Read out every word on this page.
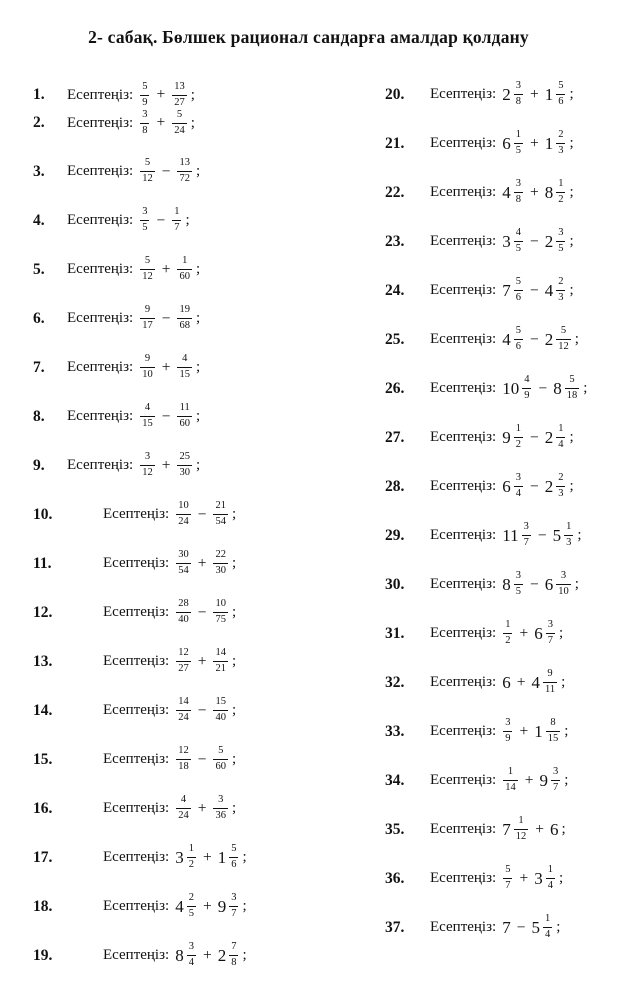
2- сабақ. Бөлшек рационал сандарға амалдар қолдану
1.	Есептеңіз: $\frac{5}{9} + \frac{13}{27}$ ;
2.	Есептеңіз: $\frac{3}{8} + \frac{5}{24}$ ;
3.	Есептеңіз: $\frac{5}{12} - \frac{13}{72}$ ;
4.	Есептеңіз: $\frac{3}{5} - \frac{1}{7}$ ;
5.	Есептеңіз: $\frac{5}{12} + \frac{1}{60}$ ;
6.	Есептеңіз: $\frac{9}{17} - \frac{19}{68}$ ;
7.	Есептеңіз: $\frac{9}{10} + \frac{4}{15}$ ;
8.	Есептеңіз: $\frac{4}{15} - \frac{11}{60}$ ;
9.	Есептеңіз: $\frac{3}{12} + \frac{25}{30}$ ;
10.	Есептеңіз: $\frac{10}{24} - \frac{21}{54}$ ;
11.	Есептеңіз: $\frac{30}{54} + \frac{22}{30}$ ;
12.	Есептеңіз: $\frac{28}{40} - \frac{10}{75}$ ;
13.	Есептеңіз: $\frac{12}{27} + \frac{14}{21}$ ;
14.	Есептеңіз: $\frac{14}{24} - \frac{15}{40}$ ;
15.	Есептеңіз: $\frac{12}{18} - \frac{5}{60}$ ;
16.	Есептеңіз: $\frac{4}{24} + \frac{3}{36}$ ;
17.	Есептеңіз: $3 \frac{1}{2} + 1 \frac{5}{6}$ ;
18.	Есептеңіз: $4 \frac{2}{5} + 9 \frac{3}{7}$ ;
19.	Есептеңіз: $8 \frac{3}{4} + 2 \frac{7}{8}$ ;
20.	Есептеңіз: $2 \frac{3}{8} + 1 \frac{5}{6}$ ;
21.	Есептеңіз: $6 \frac{1}{5} + 1 \frac{2}{3}$ ;
22.	Есептеңіз: $4 \frac{3}{8} + 8 \frac{1}{2}$ ;
23.	Есептеңіз: $3 \frac{4}{5} - 2 \frac{3}{5}$ ;
24.	Есептеңіз: $7 \frac{5}{6} - 4 \frac{2}{3}$ ;
25.	Есептеңіз: $4 \frac{5}{6} - 2 \frac{5}{12}$ ;
26.	Есептеңіз: $10 \frac{4}{9} - 8 \frac{5}{18}$ ;
27.	Есептеңіз: $9 \frac{1}{2} - 2 \frac{1}{4}$ ;
28.	Есептеңіз: $6 \frac{3}{4} - 2 \frac{2}{3}$ ;
29.	Есептеңіз: $11 \frac{3}{7} - 5 \frac{1}{3}$ ;
30.	Есептеңіз: $8 \frac{3}{5} - 6 \frac{3}{10}$ ;
31.	Есептеңіз: $\frac{1}{2} + 6 \frac{3}{7}$ ;
32.	Есептеңіз: $6 + 4 \frac{9}{11}$ ;
33.	Есептеңіз: $\frac{3}{9} + 1 \frac{8}{15}$ ;
34.	Есептеңіз: $\frac{1}{14} + 9 \frac{3}{7}$ ;
35.	Есептеңіз: $7 \frac{1}{12} + 6$ ;
36.	Есептеңіз: $\frac{5}{7} + 3 \frac{1}{4}$ ;
37.	Есептеңіз: $7 - 5 \frac{1}{4}$ ;
